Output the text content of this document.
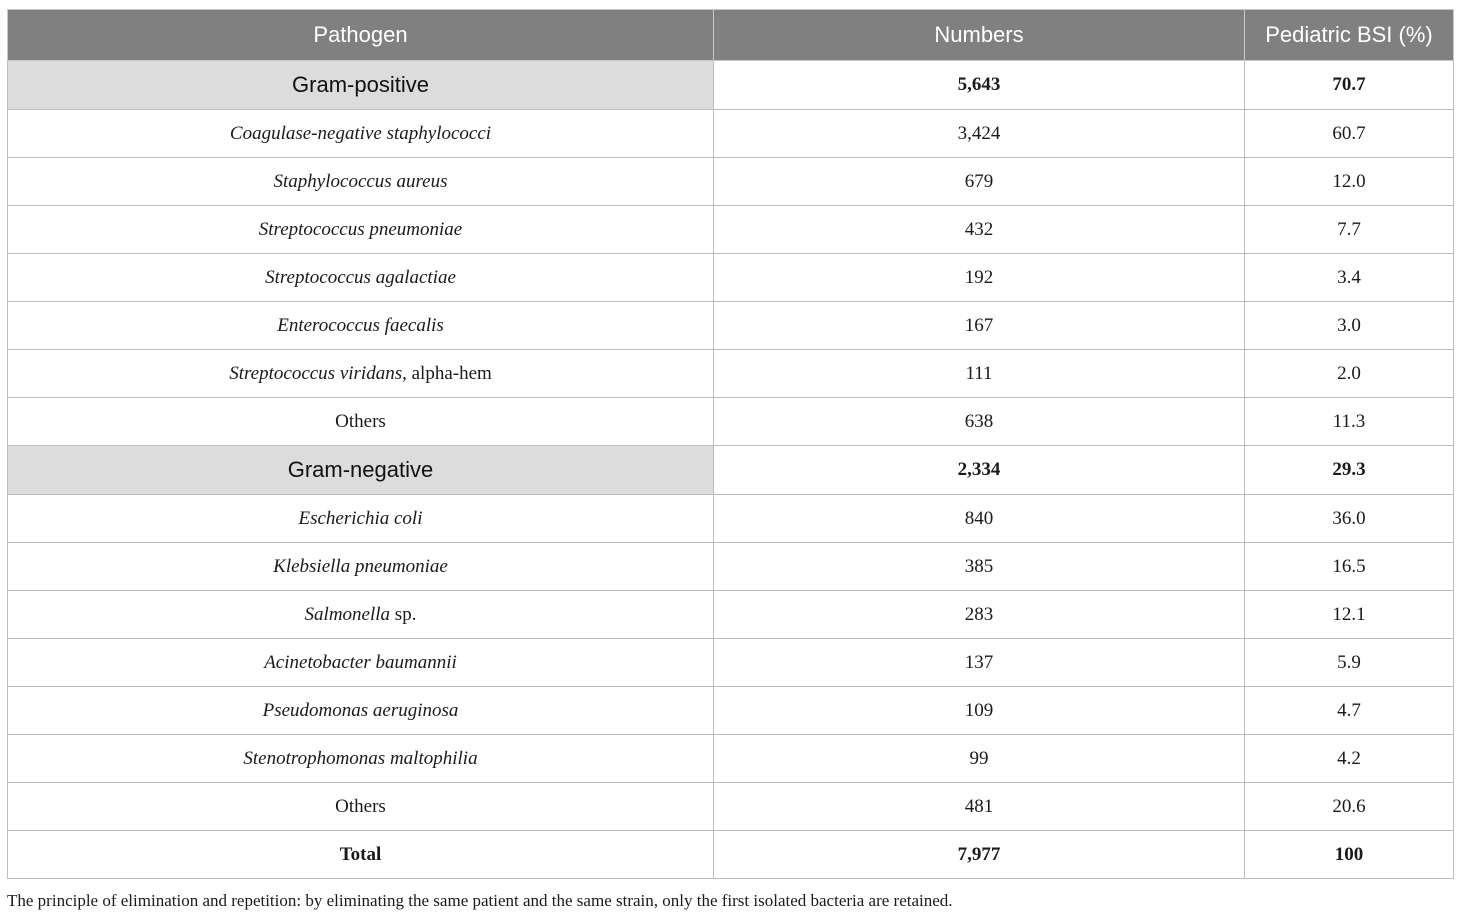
Pathogen	Numbers	Pediatric BSI (%)
Gram-positive	5,643	70.7
Coagulase-negative staphylococci	3,424	60.7
Staphylococcus aureus	679	12.0
Streptococcus pneumoniae	432	7.7
Streptococcus agalactiae	192	3.4
Enterococcus faecalis	167	3.0
Streptococcus viridans, alpha-hem	111	2.0
Others	638	11.3
Gram-negative	2,334	29.3
Escherichia coli	840	36.0
Klebsiella pneumoniae	385	16.5
Salmonella sp.	283	12.1
Acinetobacter baumannii	137	5.9
Pseudomonas aeruginosa	109	4.7
Stenotrophomonas maltophilia	99	4.2
Others	481	20.6
Total	7,977	100

The principle of elimination and repetition: by eliminating the same patient and the same strain, only the first isolated bacteria are retained.
